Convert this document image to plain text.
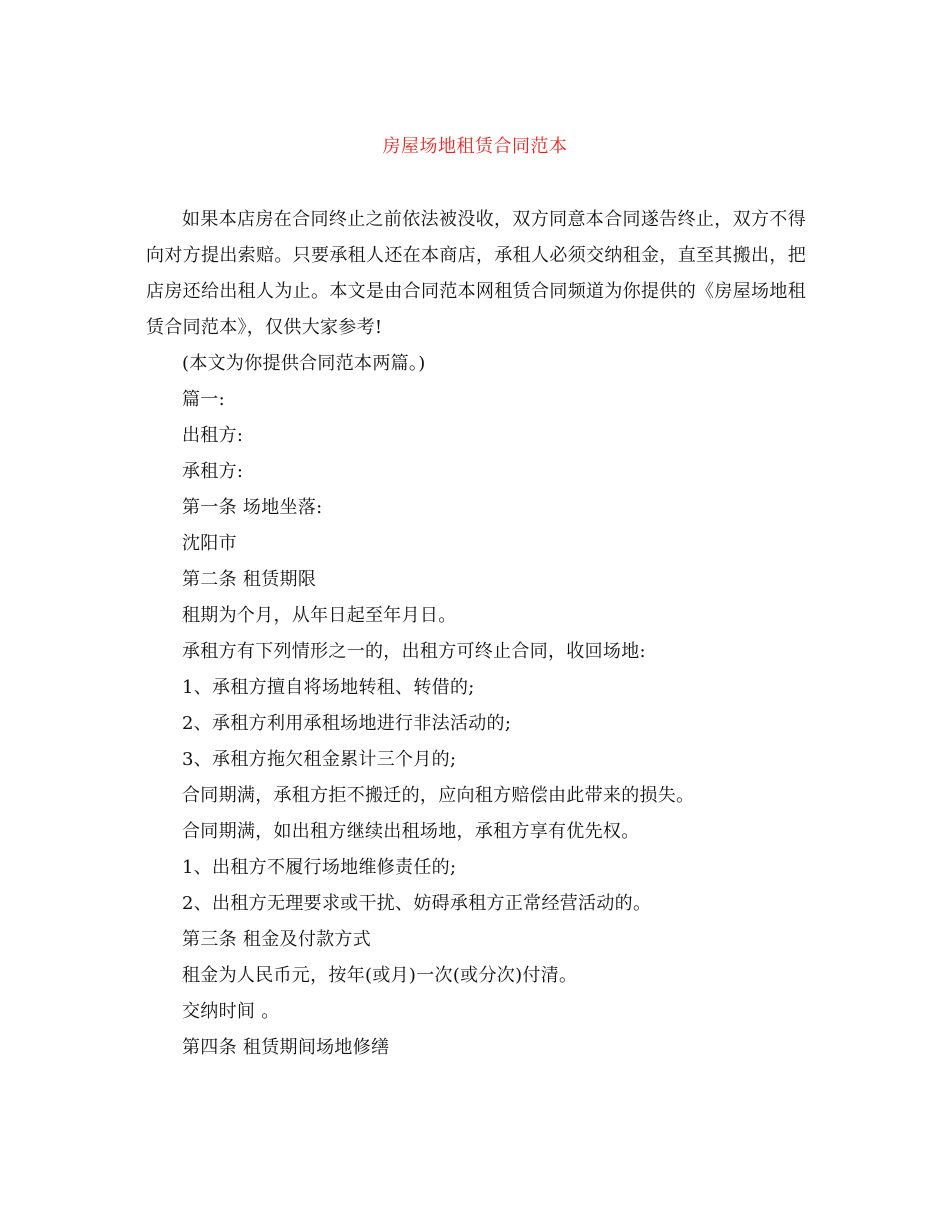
房屋场地租赁合同范本

如果本店房在合同终止之前依法被没收，双方同意本合同遂告终止，双方不得向对方提出索赔。只要承租人还在本商店，承租人必须交纳租金，直至其搬出，把店房还给出租人为止。本文是由合同范本网租赁合同频道为你提供的《房屋场地租赁合同范本》，仅供大家参考!

(本文为你提供合同范本两篇。)

篇一:

出租方:

承租方:

第一条 场地坐落:

沈阳市

第二条 租赁期限

租期为个月，从年日起至年月日。

承租方有下列情形之一的，出租方可终止合同，收回场地:

1、承租方擅自将场地转租、转借的;

2、承租方利用承租场地进行非法活动的;

3、承租方拖欠租金累计三个月的;

合同期满，承租方拒不搬迁的，应向租方赔偿由此带来的损失。

合同期满，如出租方继续出租场地，承租方享有优先权。

1、出租方不履行场地维修责任的;

2、出租方无理要求或干扰、妨碍承租方正常经营活动的。

第三条 租金及付款方式

租金为人民币元，按年(或月)一次(或分次)付清。

交纳时间 。

第四条 租赁期间场地修缮
